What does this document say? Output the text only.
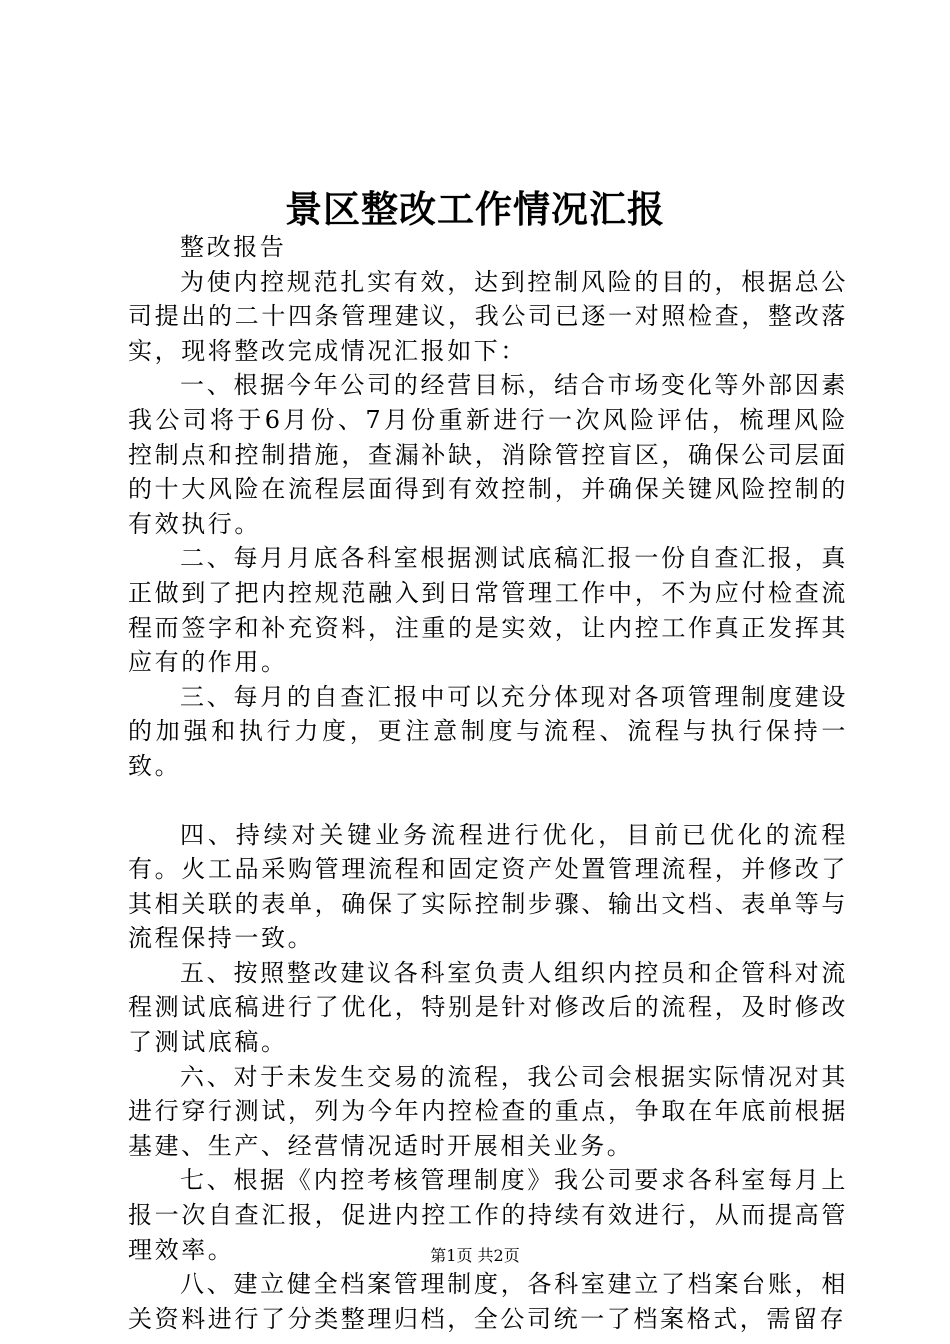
景区整改工作情况汇报

整改报告

为使内控规范扎实有效，达到控制风险的目的，根据总公司提出的二十四条管理建议，我公司已逐一对照检查，整改落实，现将整改完成情况汇报如下：

一、根据今年公司的经营目标，结合市场变化等外部因素我公司将于6月份、7月份重新进行一次风险评估，梳理风险控制点和控制措施，查漏补缺，消除管控盲区，确保公司层面的十大风险在流程层面得到有效控制，并确保关键风险控制的有效执行。

二、每月月底各科室根据测试底稿汇报一份自查汇报，真正做到了把内控规范融入到日常管理工作中，不为应付检查流程而签字和补充资料，注重的是实效，让内控工作真正发挥其应有的作用。

三、每月的自查汇报中可以充分体现对各项管理制度建设的加强和执行力度，更注意制度与流程、流程与执行保持一致。

四、持续对关键业务流程进行优化，目前已优化的流程有。火工品采购管理流程和固定资产处置管理流程，并修改了其相关联的表单，确保了实际控制步骤、输出文档、表单等与流程保持一致。

五、按照整改建议各科室负责人组织内控员和企管科对流程测试底稿进行了优化，特别是针对修改后的流程，及时修改了测试底稿。

六、对于未发生交易的流程，我公司会根据实际情况对其进行穿行测试，列为今年内控检查的重点，争取在年底前根据基建、生产、经营情况适时开展相关业务。

七、根据《内控考核管理制度》我公司要求各科室每月上报一次自查汇报，促进内控工作的持续有效进行，从而提高管理效率。

八、建立健全档案管理制度，各科室建立了档案台账，相关资料进行了分类整理归档，全公司统一了档案格式，需留存

第1页 共2页
